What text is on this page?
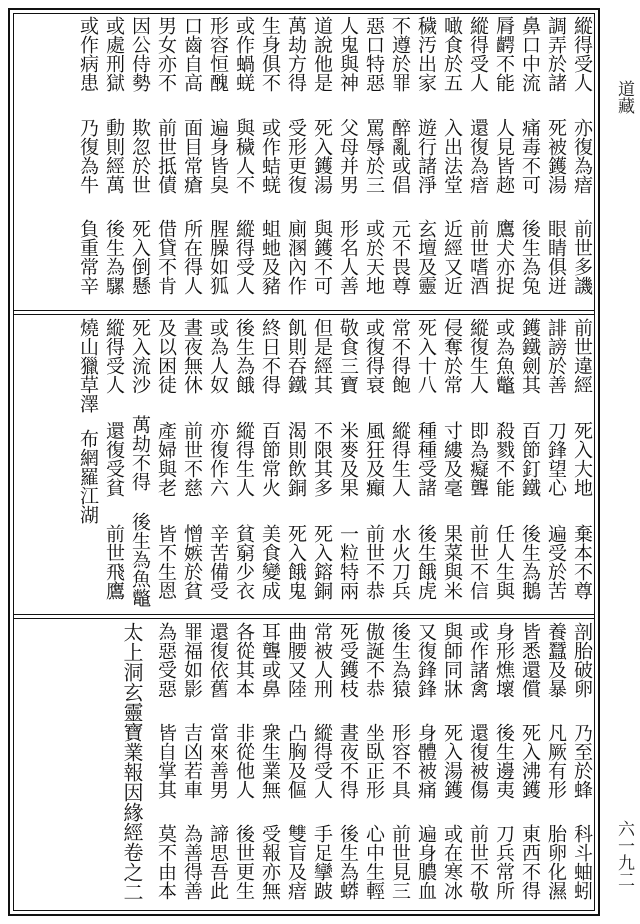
道藏
六一九二
縱得受人
亦復為瘖
前世多譏
調弄於諸
死被鑊湯
眼睛俱迸
鼻口中流
痛毒不可
後生為兔
脣齶不能
人見皆趂
鷹犬亦捉
縱得受人
還復為瘖
前世嗜酒
噉食於五
入出法堂
近經又近
穢汚出家
遊行諸淨
玄壇及靈
不遵於罪
醉亂或倡
元不畏尊
惡口特惡
罵辱於三
或於天地
人鬼與神
父母并男
形名人善
道說他是
死入鑊湯
與鑊不可
萬劫方得
受形更復
廁溷內作
生身俱不
或作蛣蜣
蛆虵及豬
或作蝸蜣
與穢人不
縱得受人
形容恒醜
遍身皆臭
腥臊如狐
口齒自高
面目常瘡
所在得人
男女亦不
前世抵債
借貸不肯
因公侍勢
欺忽於世
死入倒懸
或處刑獄
動則經萬
後生為騾
或作病患
乃復為牛
負重常辛
前世違經
死入大地
棄本不尊
誹謗於善
刀鋒望心
遍受於苦
鑊鐵劍其
百節釘鐵
後生為鵝
或為魚鼈
殺戮不能
任人生與
縱復生人
即為癡聾
前世不信
侵奪於常
寸縷及毫
果菜與米
死入十八
種種受諸
後生餓虎
常不得飽
縱得生人
水火刀兵
或復得衰
風狂及癲
前世不恭
敬食三寶
米麥及果
一粒特兩
但是經其
不限其多
死入鎔銅
飢則吞鐵
渴則飲銅
死入餓鬼
終日不得
百節常火
美食變成
後生為餓
縱得生人
貧窮少衣
或為人奴
亦復作六
辛苦備受
晝夜無休
前世不慈
憎嫉於貧
及以困徒
產婦與老
皆不生恩
死入流沙
萬劫不得
後生為魚鼈
縱得受人
還復受貧
前世飛鷹
燒山獵草澤
布網羅江湖
剖胎破卵
乃至於蜂
科斗蚰蚓
養蠶及暴
凡厥有形
胎卵化濕
皆悉還償
死入沸鑊
東西不得
身形燋壞
後生邊夷
刀兵常所
或作諸禽
還復被傷
前世不敬
與師同牀
死入湯鑊
或在寒冰
又復鋒鋒
身體被痛
遍身膿血
後生為猿
形容不具
前世見三
傲誕不恭
坐臥正形
心中生輕
死受鑊枝
晝夜不得
後生為蟒
常被人刑
縱得受人
手足攣跛
曲腰又陸
凸胸及傴
雙盲及瘖
耳聾或鼻
衆生業無
受報亦無
各從其本
非從他人
後世更生
還復依舊
當來善男
諦思吾此
罪福如影
吉凶若車
為善得善
為惡受惡
皆自掌其
莫不由本
太上洞玄靈寶業報因緣經卷之二
